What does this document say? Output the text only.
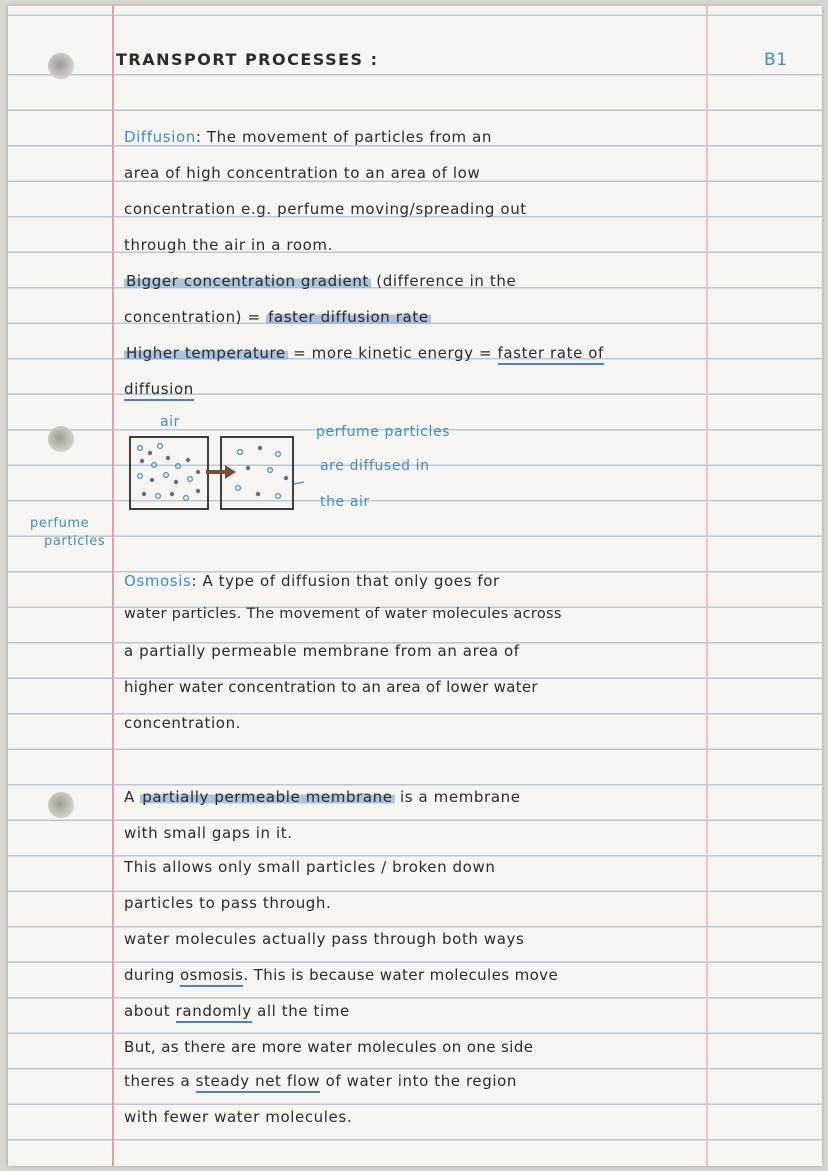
TRANSPORT PROCESSES :	B1
Diffusion: The movement of particles from an
area of high concentration to an area of low
concentration e.g. perfume moving/spreading out
through the air in a room.
Bigger concentration gradient (difference in the
concentration) = faster diffusion rate
Higher temperature = more kinetic energy = faster rate of
diffusion
air
perfume particles
are diffused in
the air
perfume
particles
Osmosis: A type of diffusion that only goes for
water particles. The movement of water molecules across
a partially permeable membrane from an area of
higher water concentration to an area of lower water
concentration.
A partially permeable membrane is a membrane
with small gaps in it.
This allows only small particles / broken down
particles to pass through.
water molecules actually pass through both ways
during osmosis. This is because water molecules move
about randomly all the time
But, as there are more water molecules on one side
theres a steady net flow of water into the region
with fewer water molecules.
